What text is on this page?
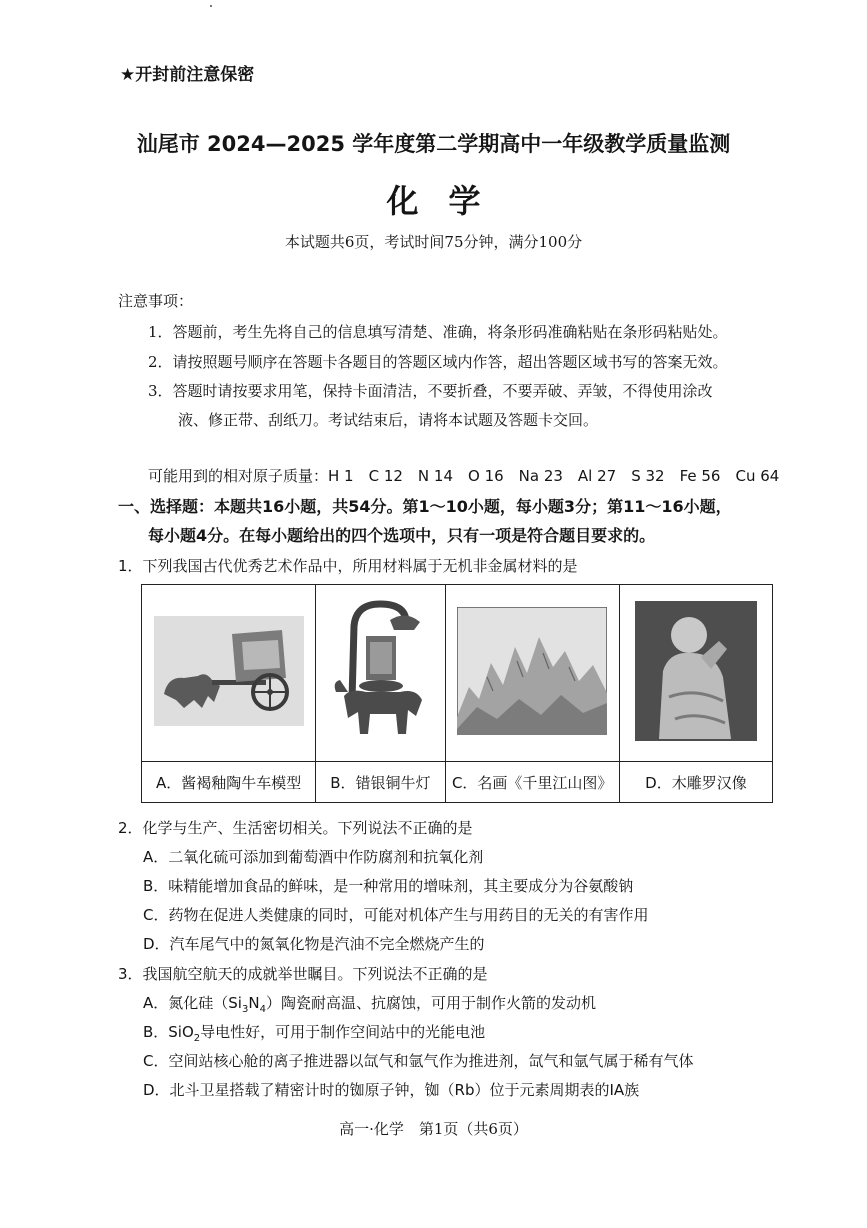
★开封前注意保密
汕尾市 2024—2025 学年度第二学期高中一年级教学质量监测
化学
本试题共6页，考试时间75分钟，满分100分
注意事项：
1．答题前，考生先将自己的信息填写清楚、准确，将条形码准确粘贴在条形码粘贴处。
2．请按照题号顺序在答题卡各题目的答题区域内作答，超出答题区域书写的答案无效。
3．答题时请按要求用笔，保持卡面清洁，不要折叠，不要弄破、弄皱，不得使用涂改
液、修正带、刮纸刀。考试结束后，请将本试题及答题卡交回。
可能用到的相对原子质量：H 1　C 12　N 14　O 16　Na 23　Al 27　S 32　Fe 56　Cu 64
一、选择题：本题共16小题，共54分。第1～10小题，每小题3分；第11～16小题，
每小题4分。在每小题给出的四个选项中，只有一项是符合题目要求的。
1．下列我国古代优秀艺术作品中，所用材料属于无机非金属材料的是

A．酱褐釉陶牛车模型	B．错银铜牛灯	C．名画《千里江山图》	D．木雕罗汉像
2．化学与生产、生活密切相关。下列说法不正确的是
A．二氧化硫可添加到葡萄酒中作防腐剂和抗氧化剂
B．味精能增加食品的鲜味，是一种常用的增味剂，其主要成分为谷氨酸钠
C．药物在促进人类健康的同时，可能对机体产生与用药目的无关的有害作用
D．汽车尾气中的氮氧化物是汽油不完全燃烧产生的
3．我国航空航天的成就举世瞩目。下列说法不正确的是
A．氮化硅$(Si_3N_4)$陶瓷耐高温、抗腐蚀，可用于制作火箭的发动机
B．SiO$_2$导电性好，可用于制作空间站中的光能电池
C．空间站核心舱的离子推进器以氙气和氩气作为推进剂，氙气和氩气属于稀有气体
D．北斗卫星搭载了精密计时的铷原子钟，铷（Rb）位于元素周期表的ⅠA族
高一·化学　第1页（共6页）
